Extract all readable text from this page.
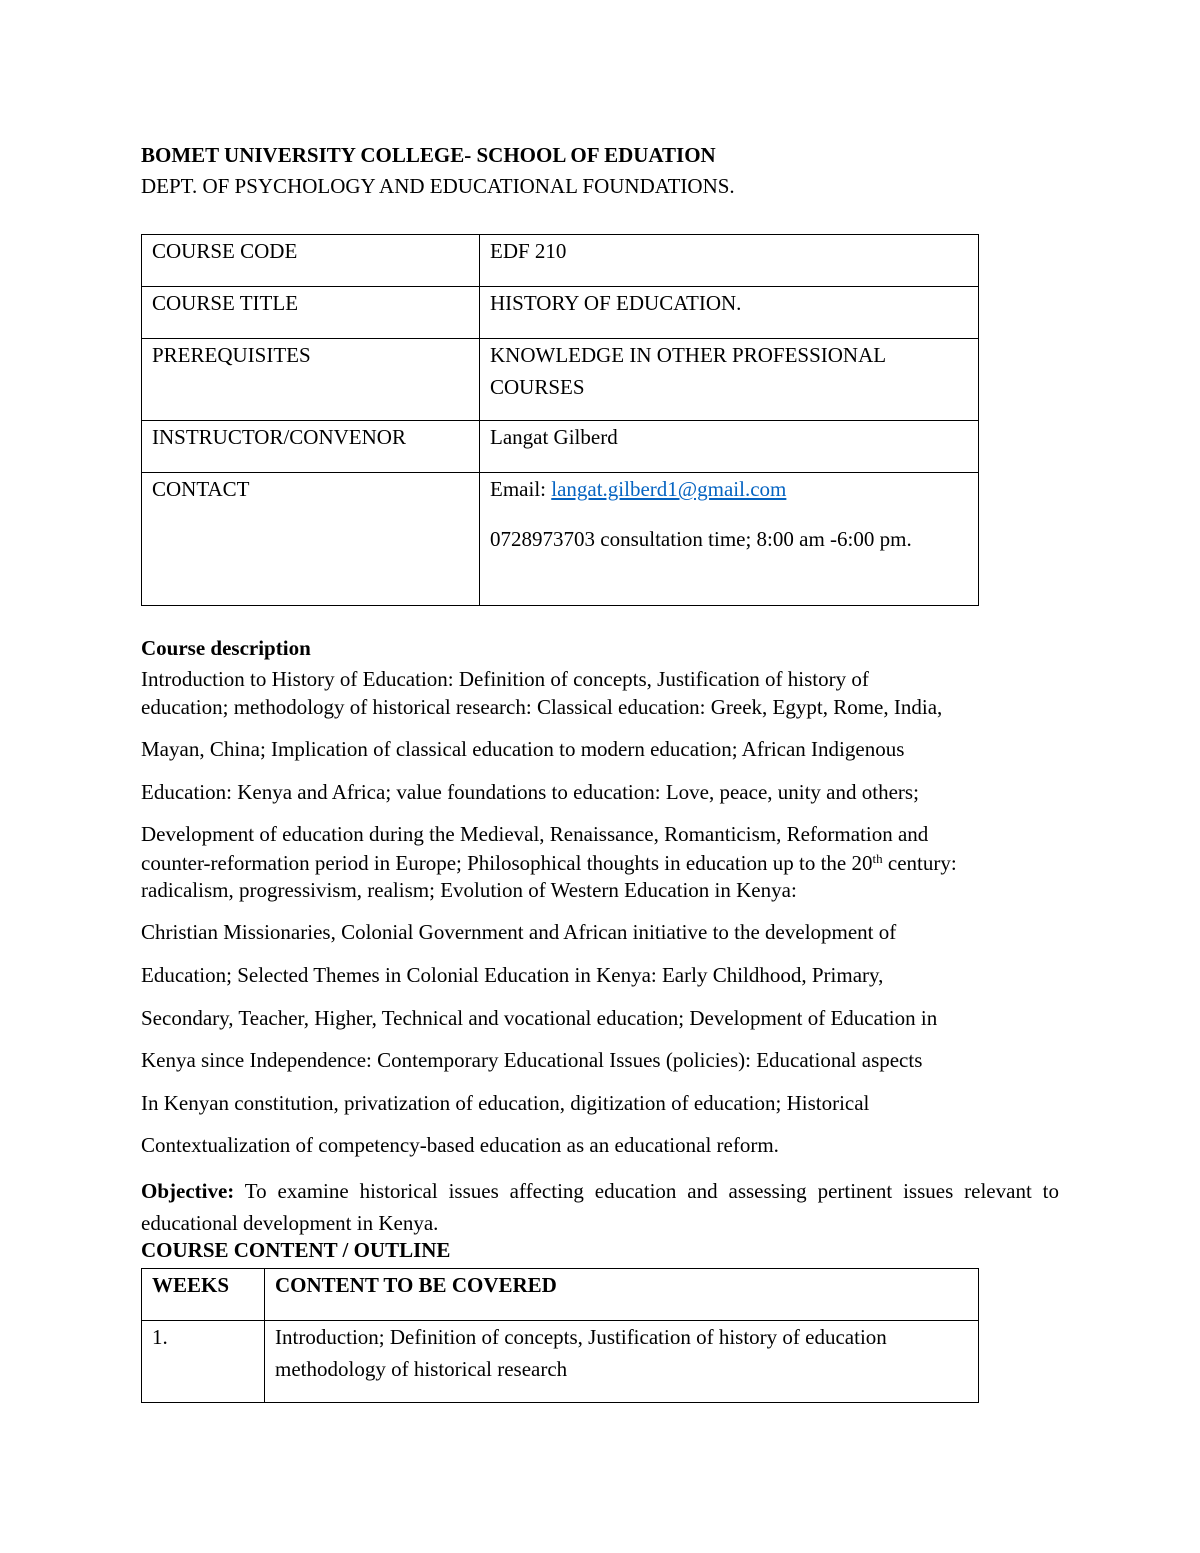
BOMET UNIVERSITY COLLEGE- SCHOOL OF EDUATION

DEPT. OF PSYCHOLOGY AND EDUCATIONAL FOUNDATIONS.

COURSE CODE	EDF 210
COURSE TITLE	HISTORY OF EDUCATION.
PREREQUISITES	KNOWLEDGE IN OTHER PROFESSIONAL
COURSES

INSTRUCTOR/CONVENOR	Langat Gilberd
CONTACT	Email: langat.gilberd1@gmail.com
0728973703 consultation time; 8:00 am -6:00 pm.

Course description

Introduction to History of Education: Definition of concepts, Justification of history of

education; methodology of historical research: Classical education: Greek, Egypt, Rome, India,

Mayan, China; Implication of classical education to modern education; African Indigenous

Education: Kenya and Africa; value foundations to education: Love, peace, unity and others;

Development of education during the Medieval, Renaissance, Romanticism, Reformation and

counter-reformation period in Europe; Philosophical thoughts in education up to the 20th century:

radicalism, progressivism, realism; Evolution of Western Education in Kenya:

Christian Missionaries, Colonial Government and African initiative to the development of

Education; Selected Themes in Colonial Education in Kenya: Early Childhood, Primary,

Secondary, Teacher, Higher, Technical and vocational education; Development of Education in

Kenya since Independence: Contemporary Educational Issues (policies): Educational aspects

In Kenyan constitution, privatization of education, digitization of education; Historical

Contextualization of competency-based education as an educational reform.

Objective: To examine historical issues affecting education and assessing pertinent issues relevant to educational development in Kenya.

COURSE CONTENT / OUTLINE

WEEKS	CONTENT TO BE COVERED
1.	Introduction; Definition of concepts, Justification of history of education
methodology of historical research
